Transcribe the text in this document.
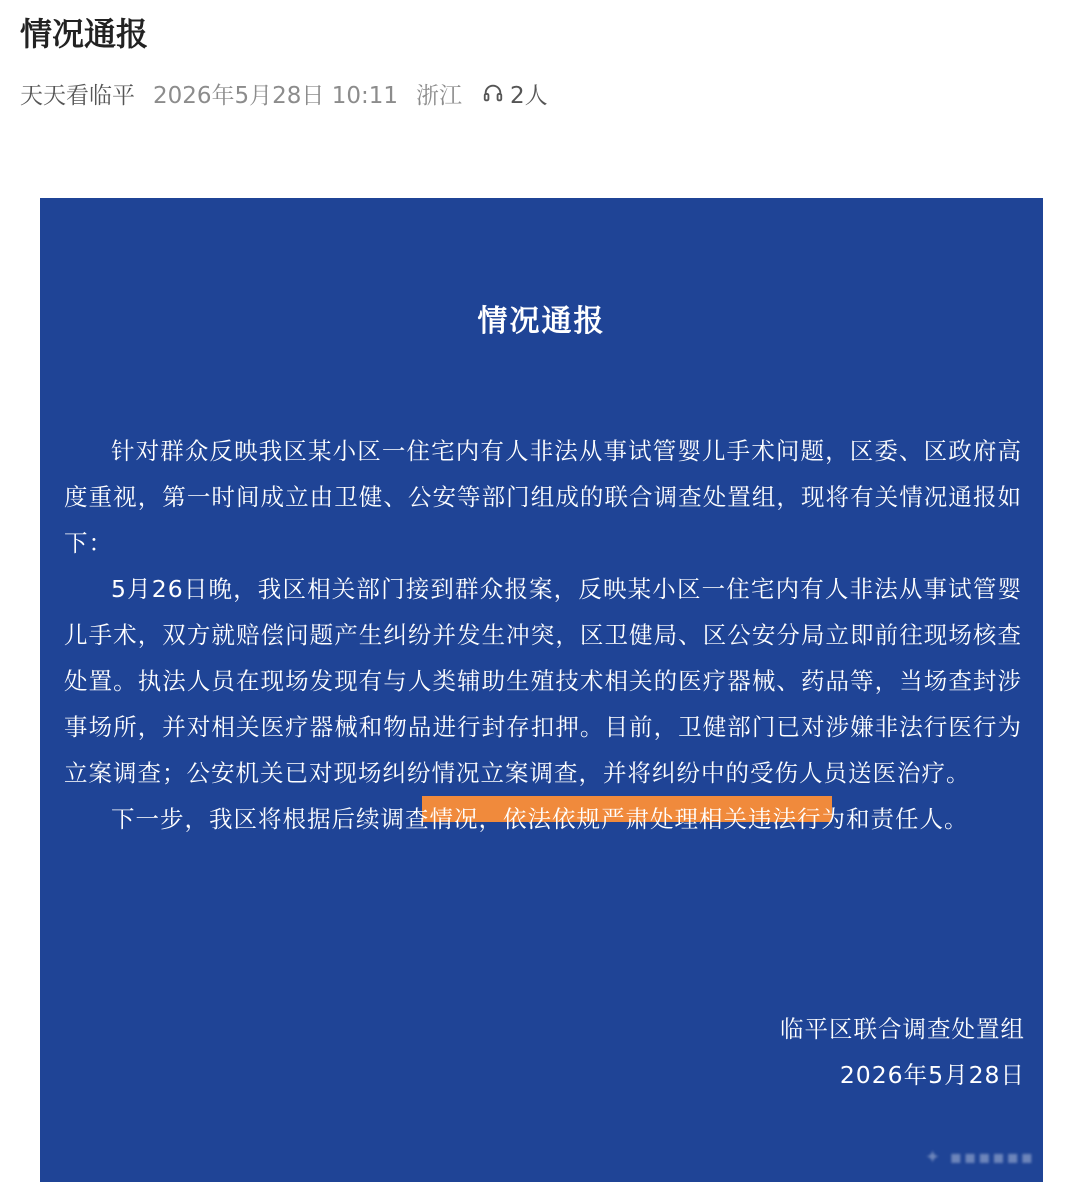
情况通报
天天看临平 2026年5月28日 10:11 浙江 2人
情况通报

针对群众反映我区某小区一住宅内有人非法从事试管婴儿手术问题，区委、区政府高度重视，第一时间成立由卫健、公安等部门组成的联合调查处置组，现将有关情况通报如下：

5月26日晚，我区相关部门接到群众报案，反映某小区一住宅内有人非法从事试管婴儿手术，双方就赔偿问题产生纠纷并发生冲突，区卫健局、区公安分局立即前往现场核查处置。执法人员在现场发现有与人类辅助生殖技术相关的医疗器械、药品等，当场查封涉事场所，并对相关医疗器械和物品进行封存扣押。目前，卫健部门已对涉嫌非法行医行为立案调查；公安机关已对现场纠纷情况立案调查，并将纠纷中的受伤人员送医治疗。

下一步，我区将根据后续调查情况，依法依规严肃处理相关违法行为和责任人。

临平区联合调查处置组
2026年5月28日
✦ ▪▪▪▪▪▪
